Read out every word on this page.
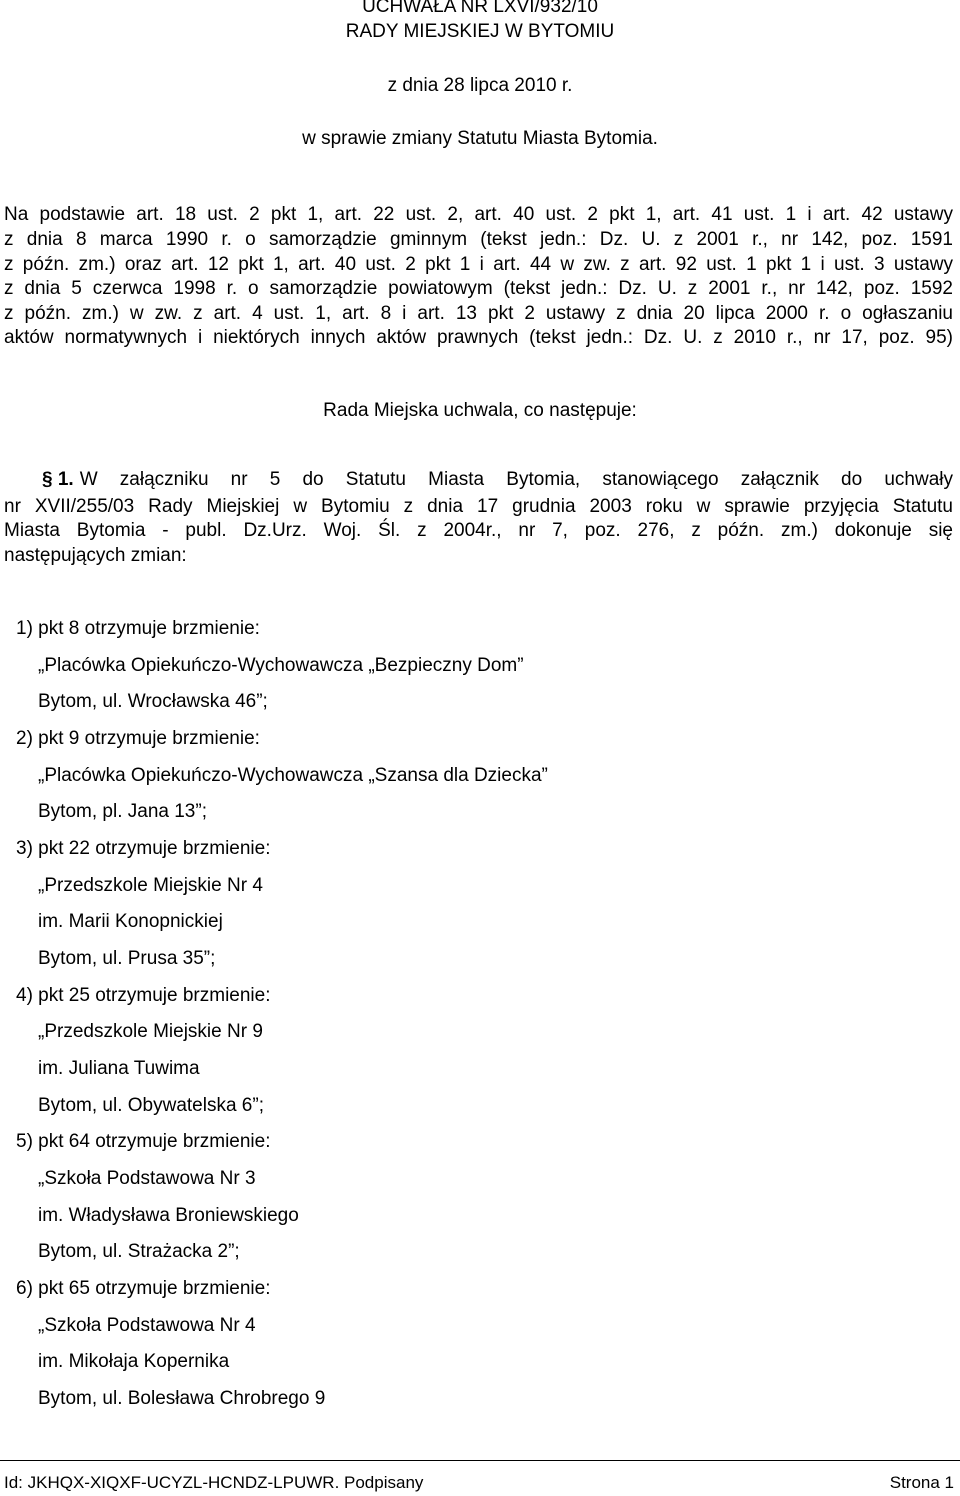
UCHWAŁA NR LXVI/932/10
RADY MIEJSKIEJ W BYTOMIU
z dnia 28 lipca 2010 r.
w sprawie zmiany Statutu Miasta Bytomia.
Na podstawie art. 18 ust. 2 pkt 1, art. 22 ust. 2, art. 40 ust. 2 pkt 1, art. 41 ust. 1 i art. 42 ustawy
z dnia 8 marca 1990 r. o samorządzie gminnym (tekst jedn.: Dz. U. z 2001 r., nr 142, poz. 1591
z późn. zm.) oraz art. 12 pkt 1, art. 40 ust. 2 pkt 1 i art. 44 w zw. z art. 92 ust. 1 pkt 1 i ust. 3 ustawy
z dnia 5 czerwca 1998 r. o samorządzie powiatowym (tekst jedn.: Dz. U. z 2001 r., nr 142, poz. 1592
z późn. zm.) w zw. z art. 4 ust. 1, art. 8 i art. 13 pkt 2 ustawy z dnia 20 lipca 2000 r. o ogłaszaniu
aktów normatywnych i niektórych innych aktów prawnych (tekst jedn.: Dz. U. z 2010 r., nr 17, poz. 95)
Rada Miejska uchwala, co następuje:
§ 1. W załączniku nr 5 do Statutu Miasta Bytomia, stanowiącego załącznik do uchwały
nr XVII/255/03 Rady Miejskiej w Bytomiu z dnia 17 grudnia 2003 roku w sprawie przyjęcia Statutu
Miasta Bytomia - publ. Dz.Urz. Woj. Śl. z 2004r., nr 7, poz. 276, z późn. zm.) dokonuje się
następujących zmian:
1) pkt 8 otrzymuje brzmienie:
„Placówka Opiekuńczo-Wychowawcza „Bezpieczny Dom”
Bytom, ul. Wrocławska 46”;
2) pkt 9 otrzymuje brzmienie:
„Placówka Opiekuńczo-Wychowawcza „Szansa dla Dziecka”
Bytom, pl. Jana 13”;
3) pkt 22 otrzymuje brzmienie:
„Przedszkole Miejskie Nr 4
im. Marii Konopnickiej
Bytom, ul. Prusa 35”;
4) pkt 25 otrzymuje brzmienie:
„Przedszkole Miejskie Nr 9
im. Juliana Tuwima
Bytom, ul. Obywatelska 6”;
5) pkt 64 otrzymuje brzmienie:
„Szkoła Podstawowa Nr 3
im. Władysława Broniewskiego
Bytom, ul. Strażacka 2”;
6) pkt 65 otrzymuje brzmienie:
„Szkoła Podstawowa Nr 4
im. Mikołaja Kopernika
Bytom, ul. Bolesława Chrobrego 9
Id: JKHQX-XIQXF-UCYZL-HCNDZ-LPUWR. Podpisany	Strona 1
